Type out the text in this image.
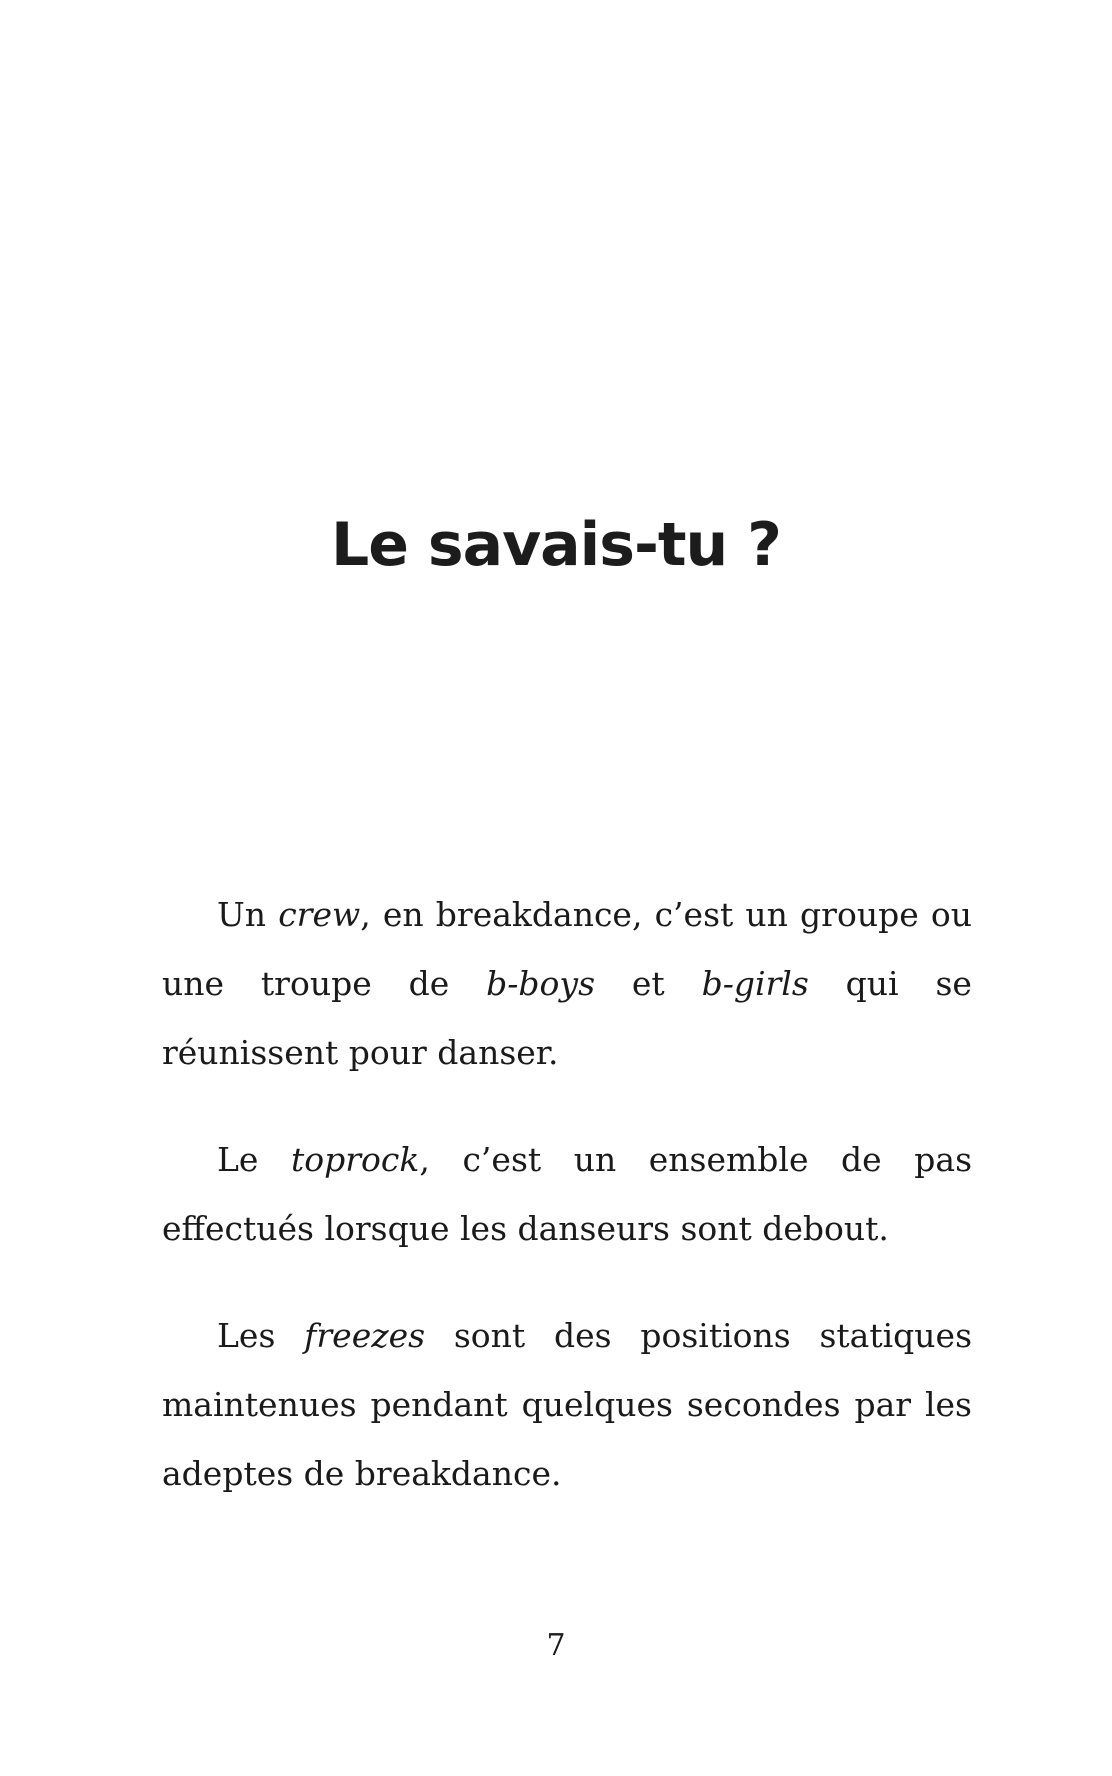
Le savais-tu ?

Un crew, en breakdance, c’est un groupe ou une troupe de b-boys et b-girls qui se réunissent pour danser.

Le toprock, c’est un ensemble de pas effectués lorsque les danseurs sont debout.

Les freezes sont des positions statiques maintenues pendant quelques secondes par les adeptes de breakdance.

7
